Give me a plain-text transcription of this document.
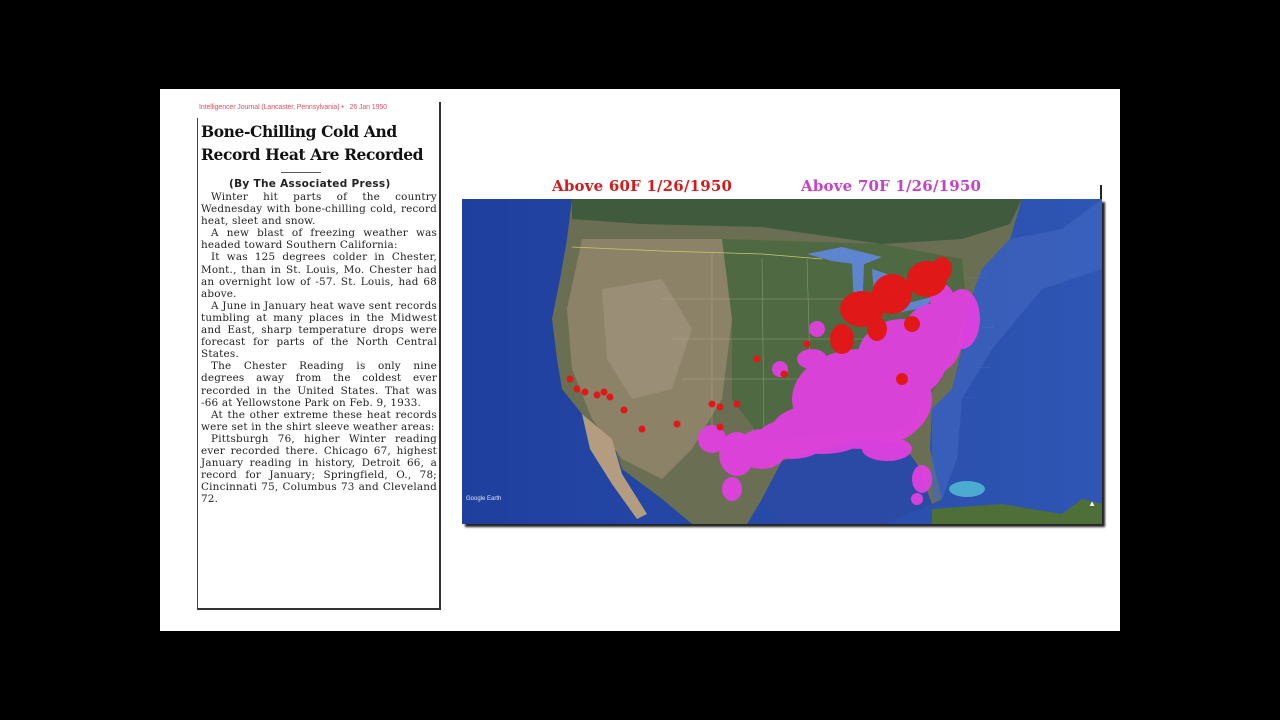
Intelligencer Journal (Lancaster, Pennsylvania) • 26 Jan 1950
Bone-Chilling Cold And
Record Heat Are Recorded
(By The Associated Press)

Winter hit parts of the country Wednesday with bone-chilling cold, record heat, sleet and snow.

A new blast of freezing weather was headed toward Southern California:

It was 125 degrees colder in Chester, Mont., than in St. Louis, Mo. Chester had an overnight low of -57. St. Louis, had 68 above.

A June in January heat wave sent records tumbling at many places in the Midwest and East, sharp temperature drops were forecast for parts of the North Central States.

The Chester Reading is only nine degrees away from the coldest ever recorded in the United States. That was -66 at Yellowstone Park on Feb. 9, 1933.

At the other extreme these heat records were set in the shirt sleeve weather areas:

Pittsburgh 76, higher Winter reading ever recorded there. Chicago 67, highest January reading in history, Detroit 66, a record for January; Springfield, O., 78; Cincinnati 75, Columbus 73 and Cleveland 72.

Above 60F 1/26/1950	Above 70F 1/26/1950
· · · · · · · ·
· · · · ·
· · · · · ·
· · · ·
Google Earth	▲
